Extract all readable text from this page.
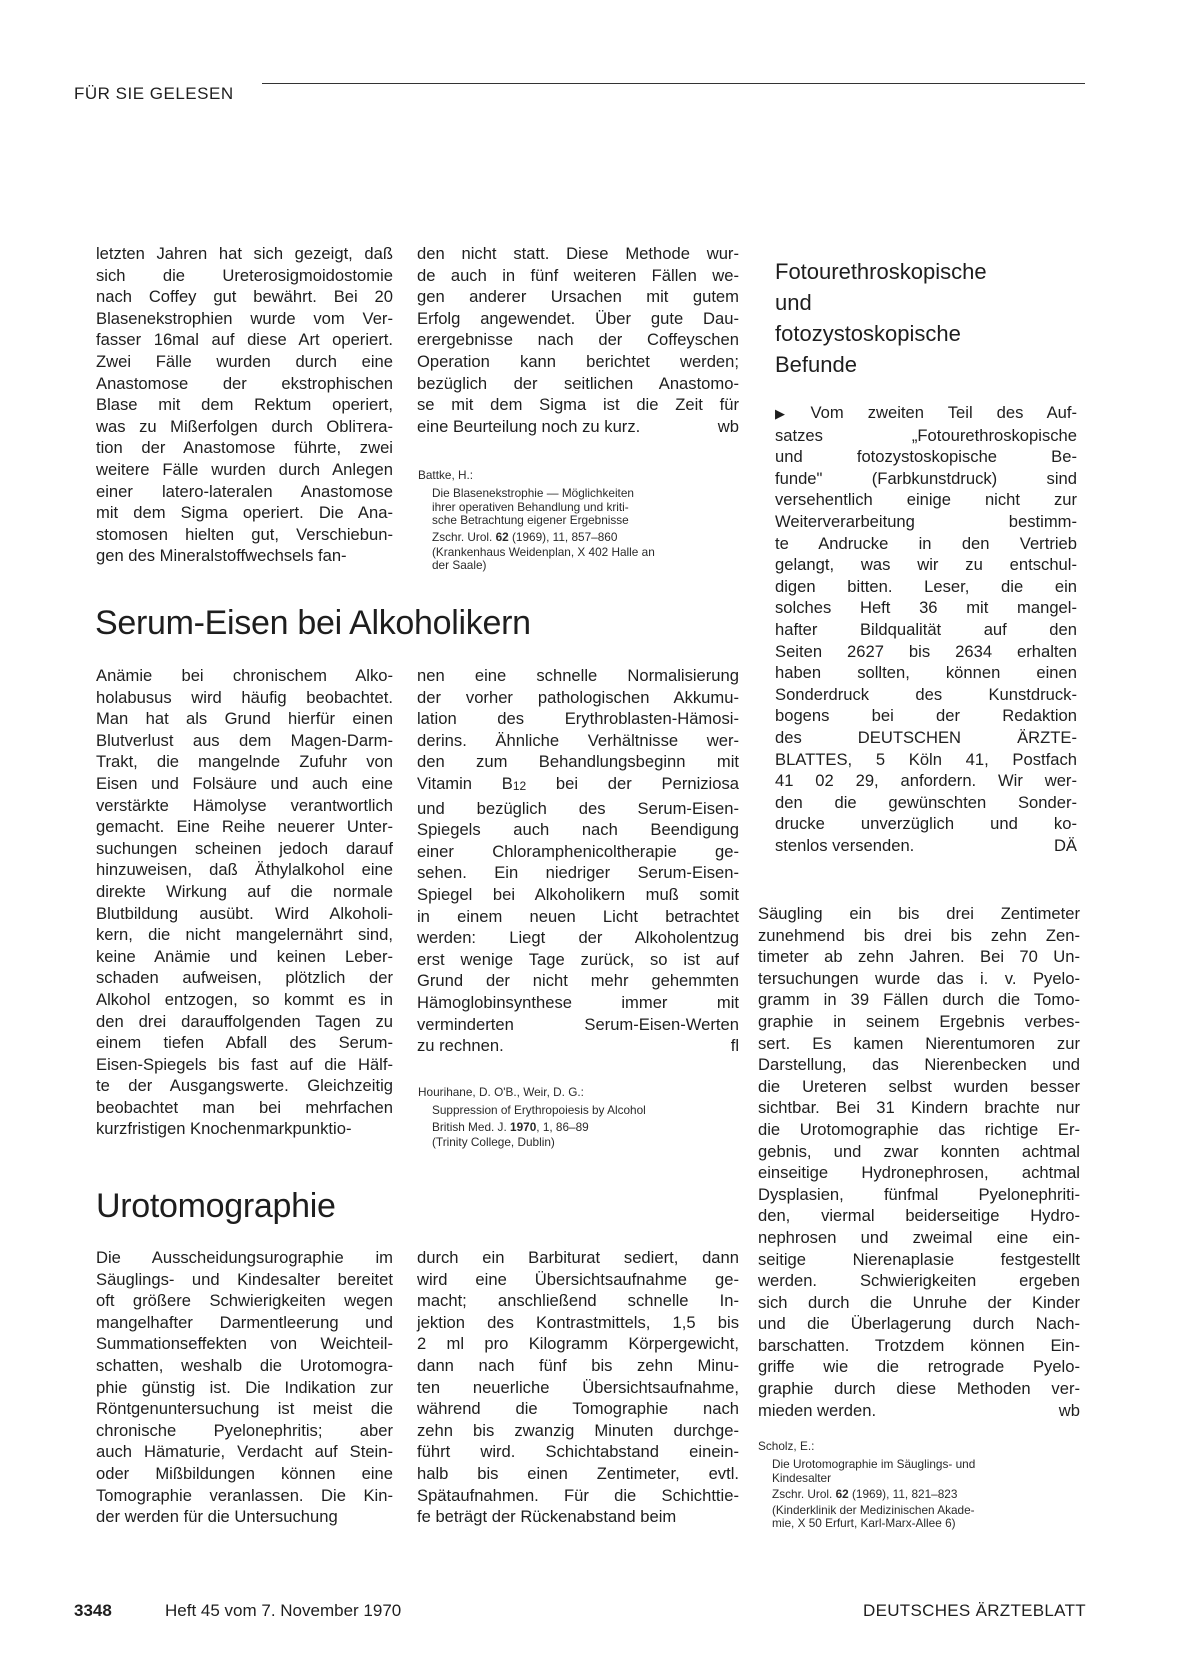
FÜR SIE GELESEN
letzten Jahren hat sich gezeigt, daß
sich die Ureterosigmoidostomie
nach Coffey gut bewährt. Bei 20
Blasenekstrophien wurde vom Ver-
fasser 16mal auf diese Art operiert.
Zwei Fälle wurden durch eine
Anastomose der ekstrophischen
Blase mit dem Rektum operiert,
was zu Mißerfolgen durch Obliтera-
tion der Anastomose führte, zwei
weitere Fälle wurden durch Anlegen
einer latero-lateralen Anastomose
mit dem Sigma operiert. Die Ana-
stomosen hielten gut, Verschiebun-
gen des Mineralstoffwechsels fan-
den nicht statt. Diese Methode wur-
de auch in fünf weiteren Fällen we-
gen anderer Ursachen mit gutem
Erfolg angewendet. Über gute Dau-
erergebnisse nach der Coffeyschen
Operation kann berichtet werden;
bezüglich der seitlichen Anastomo-
se mit dem Sigma ist die Zeit für
eine Beurteilung noch zu kurz.	wb
Battke, H.:
Die Blasenekstrophie — Möglichkeiten
ihrer operativen Behandlung und kriti-
sche Betrachtung eigener Ergebnisse
Zschr. Urol. 62 (1969), 11, 857–860
(Krankenhaus Weidenplan, X 402 Halle an
der Saale)
Serum-Eisen bei Alkoholikern
Anämie bei chronischem Alko-
holabusus wird häufig beobachtet.
Man hat als Grund hierfür einen
Blutverlust aus dem Magen-Darm-
Trakt, die mangelnde Zufuhr von
Eisen und Folsäure und auch eine
verstärkte Hämolyse verantwortlich
gemacht. Eine Reihe neuerer Unter-
suchungen scheinen jedoch darauf
hinzuweisen, daß Äthylalkohol eine
direkte Wirkung auf die normale
Blutbildung ausübt. Wird Alkoholi-
kern, die nicht mangelernährt sind,
keine Anämie und keinen Leber-
schaden aufweisen, plötzlich der
Alkohol entzogen, so kommt es in
den drei darauffolgenden Tagen zu
einem tiefen Abfall des Serum-
Eisen-Spiegels bis fast auf die Hälf-
te der Ausgangswerte. Gleichzeitig
beobachtet man bei mehrfachen
kurzfristigen Knochenmarkpunktio-
nen eine schnelle Normalisierung
der vorher pathologischen Akkumu-
lation des Erythroblasten-Hämosi-
derins. Ähnliche Verhältnisse wer-
den zum Behandlungsbeginn mit
Vitamin B12 bei der Perniziosa
und bezüglich des Serum-Eisen-
Spiegels auch nach Beendigung
einer Chloramphenicoltherapie ge-
sehen. Ein niedriger Serum-Eisen-
Spiegel bei Alkoholikern muß somit
in einem neuen Licht betrachtet
werden: Liegt der Alkoholentzug
erst wenige Tage zurück, so ist auf
Grund der nicht mehr gehemmten
Hämoglobinsynthese immer mit
verminderten Serum-Eisen-Werten
zu rechnen.	fl
Hourihane, D. O'B., Weir, D. G.:
Suppression of Erythropoiesis by Alcohol
British Med. J. 1970, 1, 86–89
(Trinity College, Dublin)
Urotomographie
Die Ausscheidungsurographie im
Säuglings- und Kindesalter bereitet
oft größere Schwierigkeiten wegen
mangelhafter Darmentleerung und
Summationseffekten von Weichteil-
schatten, weshalb die Urotomogra-
phie günstig ist. Die Indikation zur
Röntgenuntersuchung ist meist die
chronische Pyelonephritis; aber
auch Hämaturie, Verdacht auf Stein-
oder Mißbildungen können eine
Tomographie veranlassen. Die Kin-
der werden für die Untersuchung
durch ein Barbiturat sediert, dann
wird eine Übersichtsaufnahme ge-
macht; anschließend schnelle In-
jektion des Kontrastmittels, 1,5 bis
2 ml pro Kilogramm Körpergewicht,
dann nach fünf bis zehn Minu-
ten neuerliche Übersichtsaufnahme,
während die Tomographie nach
zehn bis zwanzig Minuten durchge-
führt wird. Schichtabstand einein-
halb bis einen Zentimeter, evtl.
Spätaufnahmen. Für die Schichttie-
fe beträgt der Rückenabstand beim
Säugling ein bis drei Zentimeter
zunehmend bis drei bis zehn Zen-
timeter ab zehn Jahren. Bei 70 Un-
tersuchungen wurde das i. v. Pyelo-
gramm in 39 Fällen durch die Tomo-
graphie in seinem Ergebnis verbes-
sert. Es kamen Nierentumoren zur
Darstellung, das Nierenbecken und
die Ureteren selbst wurden besser
sichtbar. Bei 31 Kindern brachte nur
die Urotomographie das richtige Er-
gebnis, und zwar konnten achtmal
einseitige Hydronephrosen, achtmal
Dysplasien, fünfmal Pyelonephriti-
den, viermal beiderseitige Hydro-
nephrosen und zweimal eine ein-
seitige Nierenaplasie festgestellt
werden. Schwierigkeiten ergeben
sich durch die Unruhe der Kinder
und die Überlagerung durch Nach-
barschatten. Trotzdem können Ein-
griffe wie die retrograde Pyelo-
graphie durch diese Methoden ver-
mieden werden.	wb
Scholz, E.:
Die Urotomographie im Säuglings- und
Kindesalter
Zschr. Urol. 62 (1969), 11, 821–823
(Kinderklinik der Medizinischen Akade-
mie, X 50 Erfurt, Karl-Marx-Allee 6)
Fotourethroskopische
und
fotozystoskopische
Befunde
▶ Vom zweiten Teil des Auf-
satzes „Fotourethroskopische
und fotozystoskopische Be-
funde" (Farbkunstdruck) sind
versehentlich einige nicht zur
Weiterverarbeitung bestimm-
te Andrucke in den Vertrieb
gelangt, was wir zu entschul-
digen bitten. Leser, die ein
solches Heft 36 mit mangel-
hafter Bildqualität auf den
Seiten 2627 bis 2634 erhalten
haben sollten, können einen
Sonderdruck des Kunstdruck-
bogens bei der Redaktion
des DEUTSCHEN ÄRZTE-
BLATTES, 5 Köln 41, Postfach
41 02 29, anfordern. Wir wer-
den die gewünschten Sonder-
drucke unverzüglich und ko-
stenlos versenden.	DÄ
3348	Heft 45 vom 7. November 1970	DEUTSCHES ÄRZTEBLATT
